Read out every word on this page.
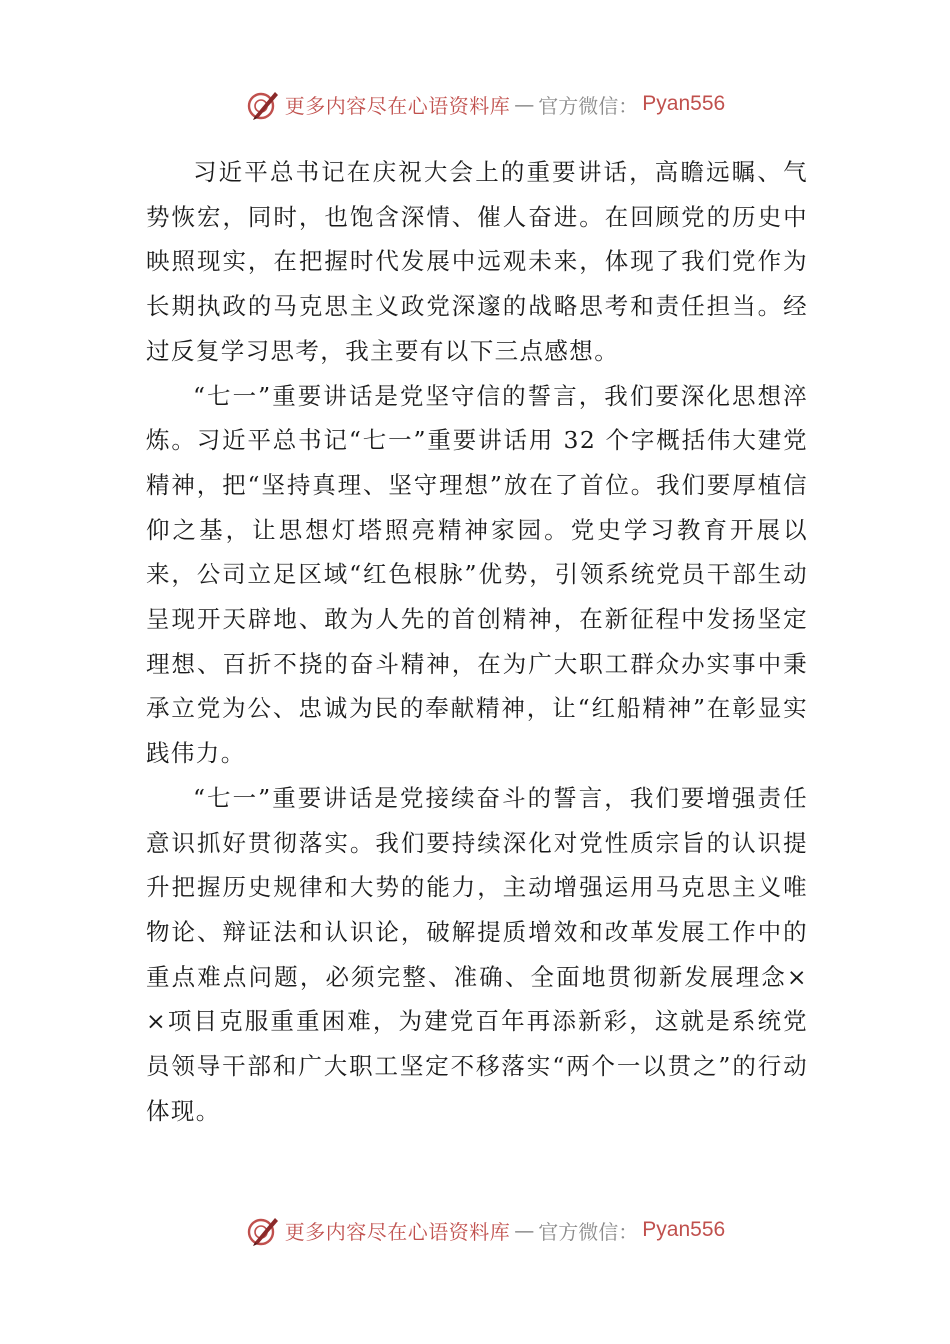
更多内容尽在心语资料库 — 官方微信： Pyan556

习近平总书记在庆祝大会上的重要讲话，高瞻远瞩、气势恢宏，同时，也饱含深情、催人奋进。在回顾党的历史中映照现实，在把握时代发展中远观未来，体现了我们党作为长期执政的马克思主义政党深邃的战略思考和责任担当。经过反复学习思考，我主要有以下三点感想。

“七一”重要讲话是党坚守信的誓言，我们要深化思想淬炼。习近平总书记“七一”重要讲话用 32 个字概括伟大建党精神，把“坚持真理、坚守理想”放在了首位。我们要厚植信仰之基，让思想灯塔照亮精神家园。党史学习教育开展以来，公司立足区域“红色根脉”优势，引领系统党员干部生动呈现开天辟地、敢为人先的首创精神，在新征程中发扬坚定理想、百折不挠的奋斗精神，在为广大职工群众办实事中秉承立党为公、忠诚为民的奉献精神，让“红船精神”在彰显实践伟力。

“七一”重要讲话是党接续奋斗的誓言，我们要增强责任意识抓好贯彻落实。我们要持续深化对党性质宗旨的认识提升把握历史规律和大势的能力，主动增强运用马克思主义唯物论、辩证法和认识论，破解提质增效和改革发展工作中的重点难点问题，必须完整、准确、全面地贯彻新发展理念××项目克服重重困难，为建党百年再添新彩，这就是系统党员领导干部和广大职工坚定不移落实“两个一以贯之”的行动体现。

更多内容尽在心语资料库 — 官方微信： Pyan556
